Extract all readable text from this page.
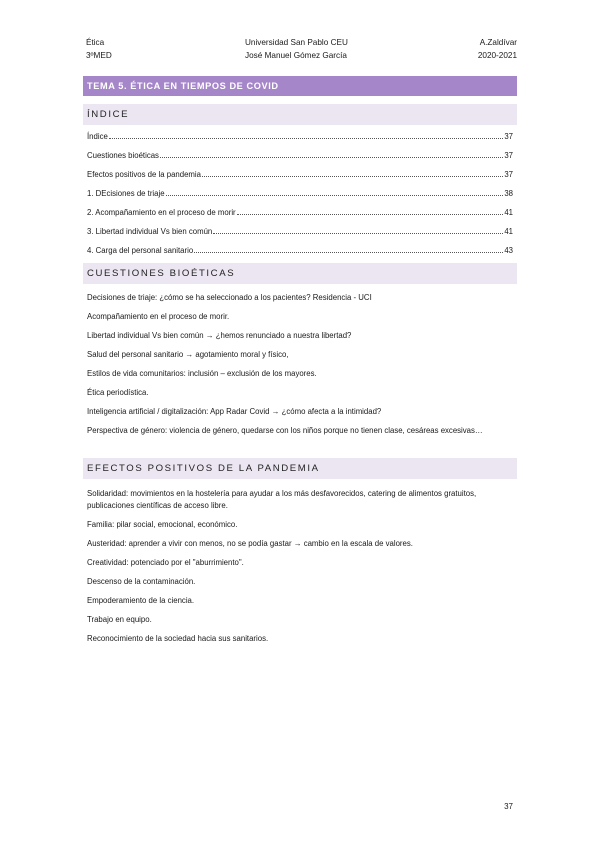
Ética
3ºMED
Universidad San Pablo CEU
José Manuel Gómez García
A.Zaldívar
2020-2021
TEMA 5. ÉTICA EN TIEMPOS DE COVID
ÍNDICE
Índice	37
Cuestiones bioéticas	37
Efectos positivos de la pandemia	37
1. DEcisiones de triaje	38
2. Acompañamiento en el proceso de morir	41
3. Libertad individual Vs bien común	41
4. Carga del personal sanitario	43
CUESTIONES BIOÉTICAS

Decisiones de triaje: ¿cómo se ha seleccionado a los pacientes? Residencia - UCI

Acompañamiento en el proceso de morir.

Libertad individual Vs bien común → ¿hemos renunciado a nuestra libertad?

Salud del personal sanitario → agotamiento moral y físico,

Estilos de vida comunitarios: inclusión – exclusión de los mayores.

Ética periodística.

Inteligencia artificial / digitalización: App Radar Covid → ¿cómo afecta a la intimidad?

Perspectiva de género: violencia de género, quedarse con los niños porque no tienen clase, cesáreas excesivas…

EFECTOS POSITIVOS DE LA PANDEMIA

Solidaridad: movimientos en la hostelería para ayudar a los más desfavorecidos, catering de alimentos gratuitos, publicaciones científicas de acceso libre.

Familia: pilar social, emocional, económico.

Austeridad: aprender a vivir con menos, no se podía gastar → cambio en la escala de valores.

Creatividad: potenciado por el "aburrimiento".

Descenso de la contaminación.

Empoderamiento de la ciencia.

Trabajo en equipo.

Reconocimiento de la sociedad hacia sus sanitarios.

37
